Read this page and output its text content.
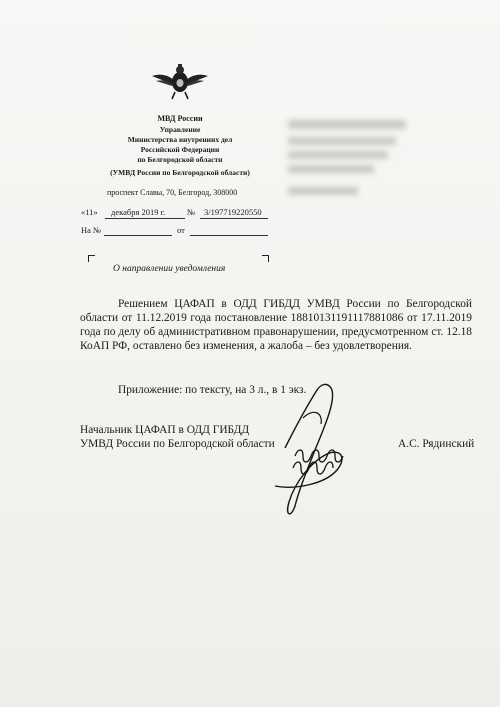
МВД России
Управление
Министерства внутренних дел
Российской Федерации
по Белгородской области
(УМВД России по Белгородской области)
проспект Славы, 70, Белгород, 308000
«11» декабря 2019 г.	№ 3/197719220550
На №	от
О направлении уведомления
Решением ЦАФАП в ОДД ГИБДД УМВД России по Белгородской области от 11.12.2019 года постановление 18810131191117881086 от 17.11.2019 года по делу об административном правонарушении, предусмотренном ст. 12.18 КоАП РФ, оставлено без изменения, а жалоба – без удовлетворения.
Приложение: по тексту, на 3 л., в 1 экз.
Начальник ЦАФАП в ОДД ГИБДД
УМВД России по Белгородской области	А.С. Рядинский
